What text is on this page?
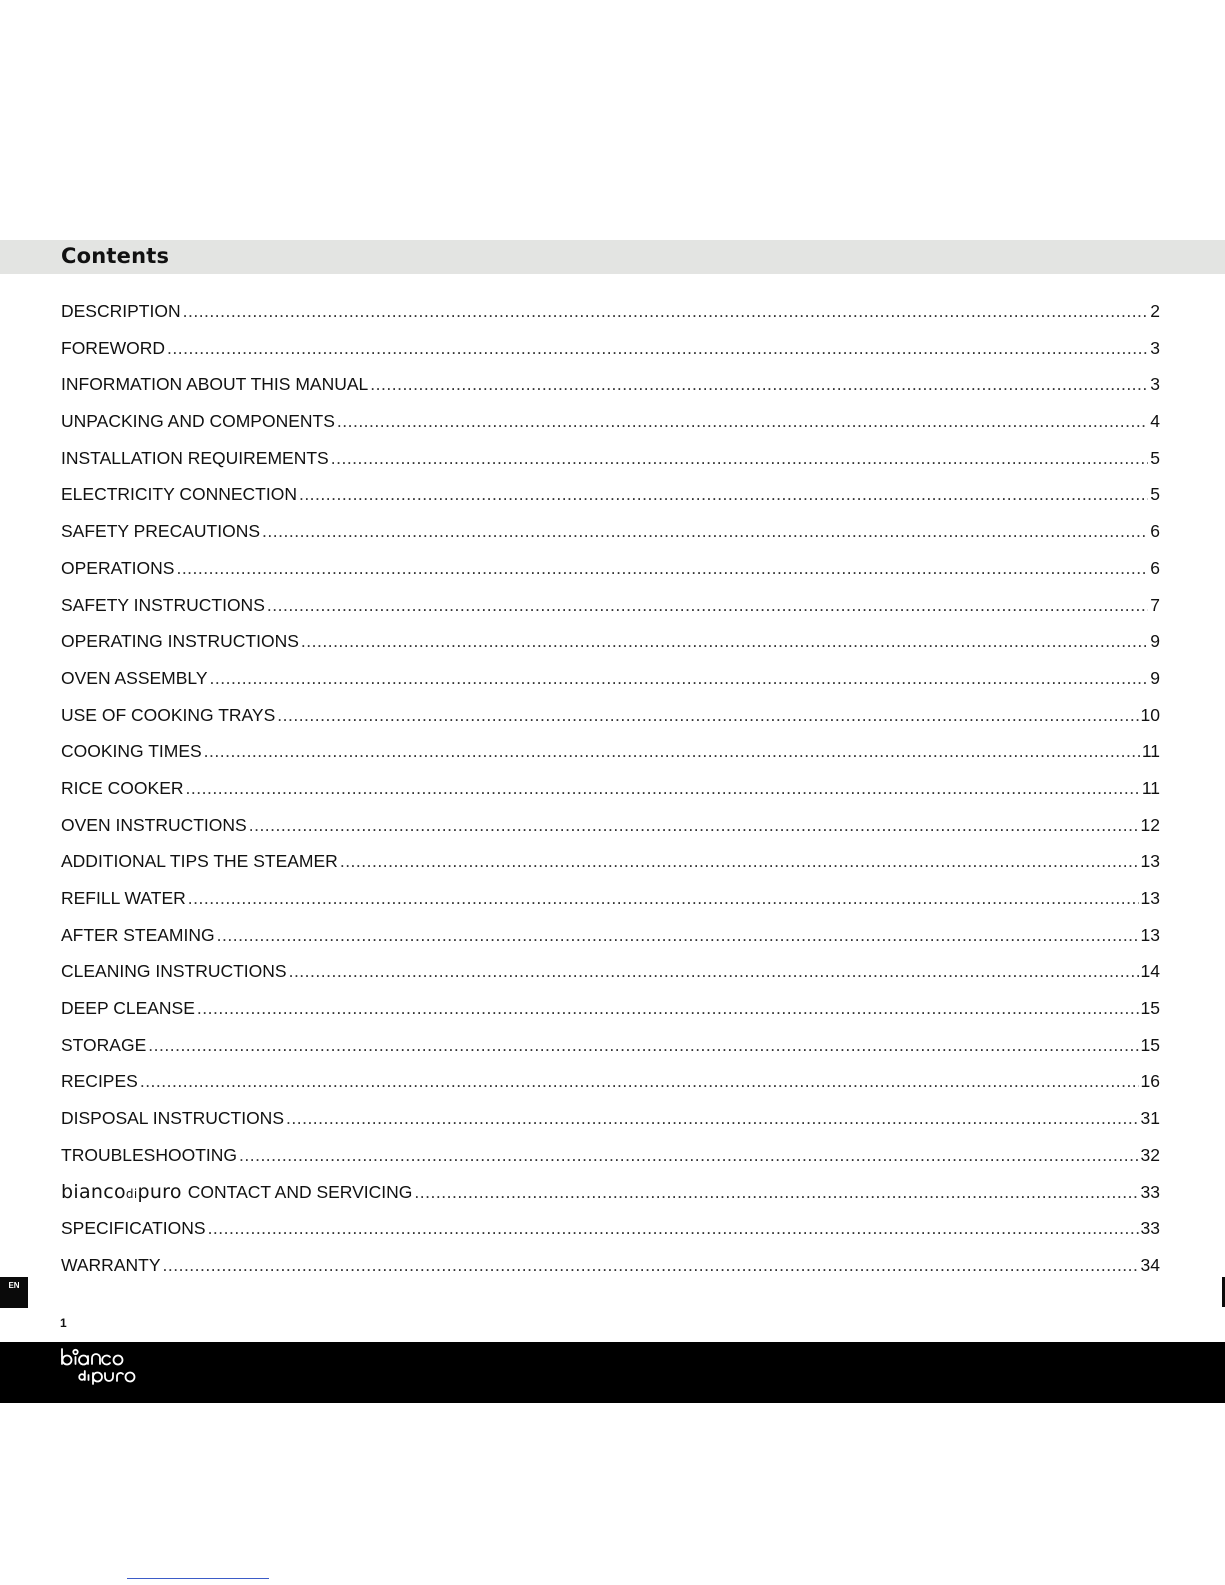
Contents
DESCRIPTION .....	2
FOREWORD .....	3
INFORMATION ABOUT THIS MANUAL .....	3
UNPACKING AND COMPONENTS .....	4
INSTALLATION REQUIREMENTS .....	5
ELECTRICITY CONNECTION .....	5
SAFETY PRECAUTIONS .....	6
OPERATIONS .....	6
SAFETY INSTRUCTIONS .....	7
OPERATING INSTRUCTIONS .....	9
OVEN ASSEMBLY .....	9
USE OF COOKING TRAYS .....	10
COOKING TIMES .....	11
RICE COOKER .....	11
OVEN INSTRUCTIONS .....	12
ADDITIONAL TIPS THE STEAMER .....	13
REFILL WATER .....	13
AFTER STEAMING .....	13
CLEANING INSTRUCTIONS .....	14
DEEP CLEANSE .....	15
STORAGE .....	15
RECIPES .....	16
DISPOSAL INSTRUCTIONS .....	31
TROUBLESHOOTING .....	32
biancodipuro CONTACT AND SERVICING .....	33
SPECIFICATIONS .....	33
WARRANTY .....	34
EN
1
